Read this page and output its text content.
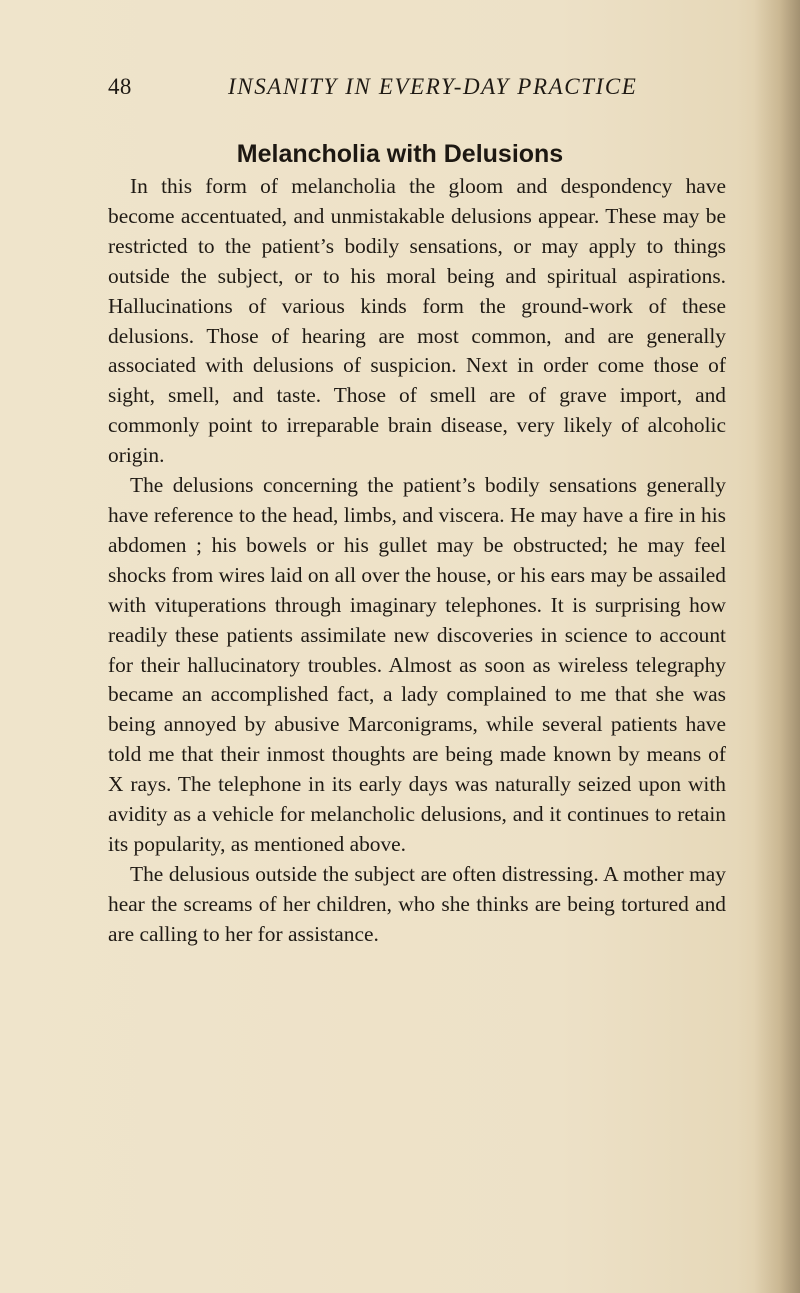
48	INSANITY IN EVERY-DAY PRACTICE
Melancholia with Delusions

In this form of melancholia the gloom and despondency have become accentuated, and unmistakable delusions appear. These may be restricted to the patient’s bodily sensations, or may apply to things outside the subject, or to his moral being and spiritual aspirations. Hallucinations of various kinds form the ground-work of these delusions. Those of hearing are most common, and are generally associated with delusions of suspicion. Next in order come those of sight, smell, and taste. Those of smell are of grave import, and commonly point to irreparable brain disease, very likely of alcoholic origin.

The delusions concerning the patient’s bodily sensations generally have reference to the head, limbs, and viscera. He may have a fire in his abdomen ; his bowels or his gullet may be obstructed; he may feel shocks from wires laid on all over the house, or his ears may be assailed with vituperations through imaginary telephones. It is surprising how readily these patients assimilate new discoveries in science to account for their hallucinatory troubles. Almost as soon as wireless telegraphy became an accomplished fact, a lady complained to me that she was being annoyed by abusive Marconigrams, while several patients have told me that their inmost thoughts are being made known by means of X rays. The telephone in its early days was naturally seized upon with avidity as a vehicle for melancholic delusions, and it continues to retain its popularity, as mentioned above.

The delusious outside the subject are often distressing. A mother may hear the screams of her children, who she thinks are being tortured and are calling to her for assistance.
